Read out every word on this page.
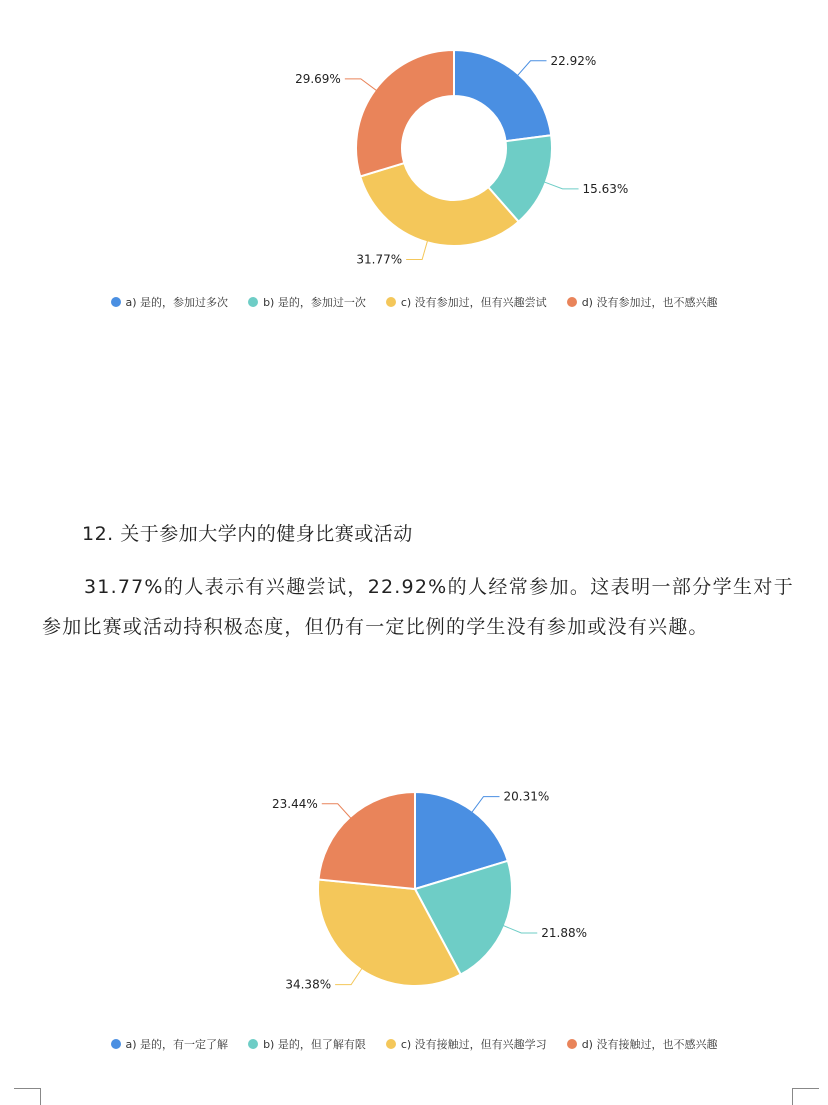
22.92%
15.63%
31.77%
29.69%
a) 是的，参加过多次	b) 是的，参加过一次	c) 没有参加过，但有兴趣尝试	d) 没有参加过，也不感兴趣
12. 关于参加大学内的健身比赛或活动
31.77%的人表示有兴趣尝试，22.92%的人经常参加。这表明一部分学生对于参加比赛或活动持积极态度，但仍有一定比例的学生没有参加或没有兴趣。
20.31%
21.88%
34.38%
23.44%
a) 是的，有一定了解	b) 是的，但了解有限	c) 没有接触过，但有兴趣学习	d) 没有接触过，也不感兴趣
